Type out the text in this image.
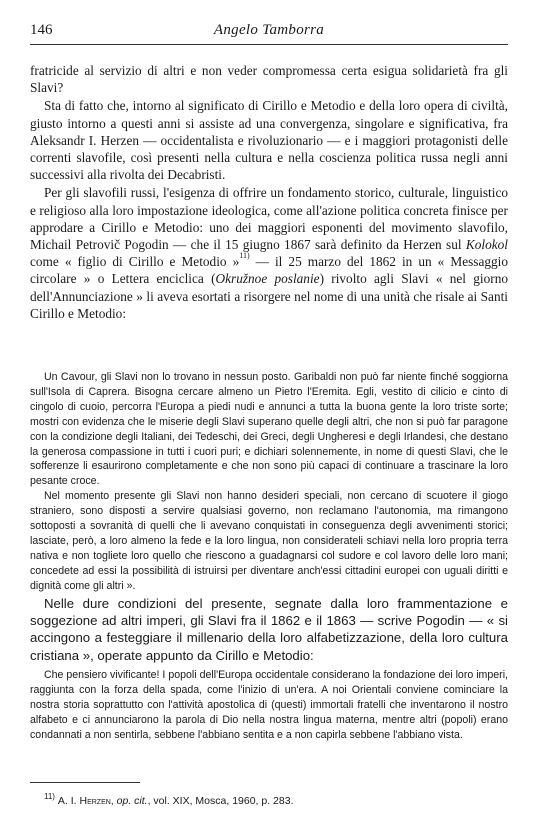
146	Angelo Tamborra

fratricide al servizio di altri e non veder compromessa certa esigua solidarietà fra gli Slavi?

Sta di fatto che, intorno al significato di Cirillo e Metodio e della loro opera di civiltà, giusto intorno a questi anni si assiste ad una convergenza, singolare e significativa, fra Aleksandr I. Herzen — occidentalista e rivoluzionario — e i maggiori protagonisti delle correnti slavofile, così presenti nella cultura e nella coscienza politica russa negli anni successivi alla rivolta dei Decabristi.

Per gli slavofili russi, l'esigenza di offrire un fondamento storico, culturale, linguistico e religioso alla loro impostazione ideologica, come all'azione politica concreta finisce per approdare a Cirillo e Metodio: uno dei maggiori esponenti del movimento slavofilo, Michail Petrovič Pogodin — che il 15 giugno 1867 sarà definito da Herzen sul Kolokol come « figlio di Cirillo e Metodio »$^{11)}$ — il 25 marzo del 1862 in un « Messaggio circolare » o Lettera enciclica (Okružnoe poslanie) rivolto agli Slavi « nel giorno dell'Annunciazione » li aveva esortati a risorgere nel nome di una unità che risale ai Santi Cirillo e Metodio:

Un Cavour, gli Slavi non lo trovano in nessun posto. Garibaldi non può far niente finché soggiorna sull'Isola di Caprera. Bisogna cercare almeno un Pietro l'Eremita. Egli, vestito di cilicio e cinto di cingolo di cuoio, percorra l'Europa a piedi nudi e annunci a tutta la buona gente la loro triste sorte; mostri con evidenza che le miserie degli Slavi superano quelle degli altri, che non si può far paragone con la condizione degli Italiani, dei Tedeschi, dei Greci, degli Ungheresi e degli Irlandesi, che destano la generosa compassione in tutti i cuori puri; e dichiari solennemente, in nome di questi Slavi, che le sofferenze li esaurirono completamente e che non sono più capaci di continuare a trascinare la loro pesante croce.

Nel momento presente gli Slavi non hanno desideri speciali, non cercano di scuotere il giogo straniero, sono disposti a servire qualsiasi governo, non reclamano l'autonomia, ma rimangono sottoposti a sovranità di quelli che li avevano conquistati in conseguenza degli avvenimenti storici; lasciate, però, a loro almeno la fede e la loro lingua, non considerateli schiavi nella loro propria terra nativa e non togliete loro quello che riescono a guadagnarsi col sudore e col lavoro delle loro mani; concedete ad essi la possibilità di istruirsi per diventare anch'essi cittadini europei con uguali diritti e dignità come gli altri ».

Nelle dure condizioni del presente, segnate dalla loro frammentazione e soggezione ad altri imperi, gli Slavi fra il 1862 e il 1863 — scrive Pogodin — « si accingono a festeggiare il millenario della loro alfabetizzazione, della loro cultura cristiana », operate appunto da Cirillo e Metodio:

Che pensiero vivificante! I popoli dell'Europa occidentale considerano la fondazione dei loro imperi, raggiunta con la forza della spada, come l'inizio di un'era. A noi Orientali conviene cominciare la nostra storia soprattutto con l'attività apostolica di (questi) immortali fratelli che inventarono il nostro alfabeto e ci annunciarono la parola di Dio nella nostra lingua materna, mentre altri (popoli) erano condannati a non sentirla, sebbene l'abbiano sentita e a non capirla sebbene l'abbiano vista.

$^{11)}$ A. I. Herzen, op. cit., vol. XIX, Mosca, 1960, p. 283.
